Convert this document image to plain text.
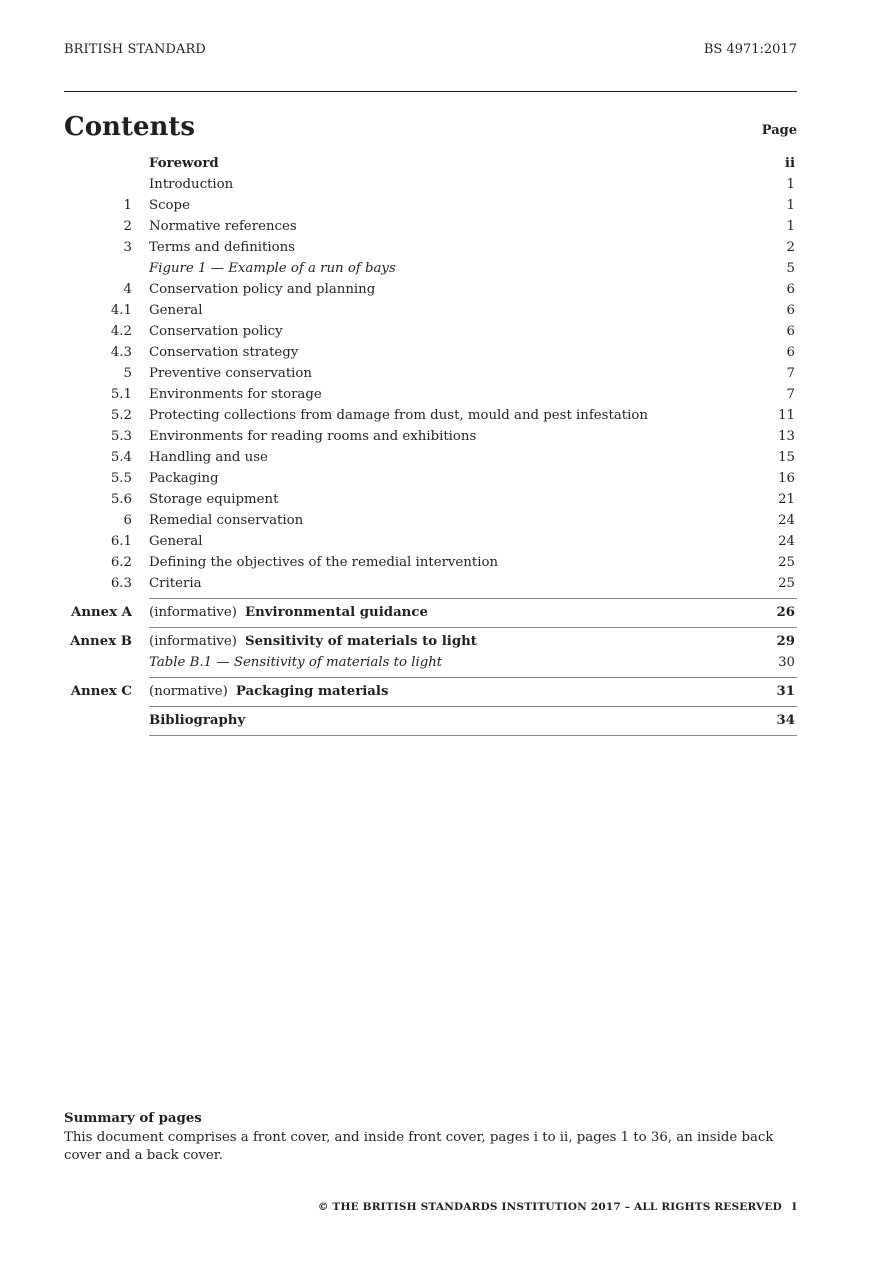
BRITISH STANDARD	BS 4971:2017
Contents	Page
Foreword	ii
Introduction	1
1 Scope	1
2 Normative references	1
3 Terms and definitions	2
Figure 1 — Example of a run of bays	5
4 Conservation policy and planning	6
4.1 General	6
4.2 Conservation policy	6
4.3 Conservation strategy	6
5 Preventive conservation	7
5.1 Environments for storage	7
5.2 Protecting collections from damage from dust, mould and pest infestation	11
5.3 Environments for reading rooms and exhibitions	13
5.4 Handling and use	15
5.5 Packaging	16
5.6 Storage equipment	21
6 Remedial conservation	24
6.1 General	24
6.2 Defining the objectives of the remedial intervention	25
6.3 Criteria	25
Annex A (informative) Environmental guidance	26
Annex B (informative) Sensitivity of materials to light	29
Table B.1 — Sensitivity of materials to light	30
Annex C (normative) Packaging materials	31
Bibliography	34
Summary of pages
This document comprises a front cover, and inside front cover, pages i to ii, pages 1 to 36, an inside back cover and a back cover.
© THE BRITISH STANDARDS INSTITUTION 2017 – ALL RIGHTS RESERVED I
